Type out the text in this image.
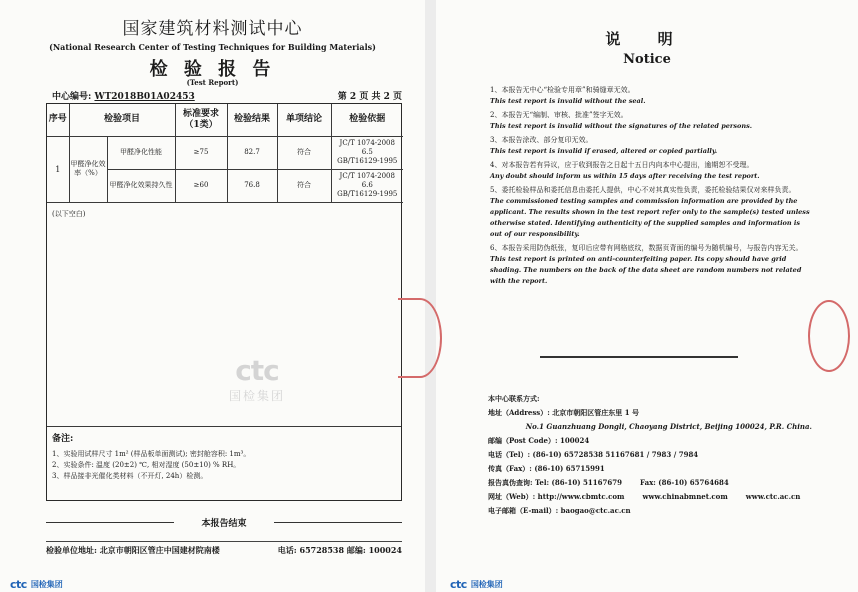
国家建筑材料测试中心
(National Research Center of Testing Techniques for Building Materials)
检 验 报 告
(Test Report)
中心编号: WT2018B01A02453	第 2 页 共 2 页
序号	检验项目		标准要求（1类）	检验结果	单项结论	检验依据
1	甲醛净化效率（%）	甲醛净化性能	≥75	82.7	符合	JC/T 1074-2008
6.5
GB/T16129-1995

		甲醛净化效果持久性	≥60	76.8	符合	JC/T 1074-2008
6.6
GB/T16129-1995
(以下空白)
ctc
国检集团
备注:
1、实验用试样尺寸 1m² (样品板单面测试); 密封舱容积: 1m³。
2、实验条件: 温度 (20±2) ℃, 相对湿度 (50±10) % RH。
3、样品接非光催化类材料（不开灯, 24h）检测。
本报告结束
检验单位地址: 北京市朝阳区管庄中国建材院南楼	电话: 65728538 邮编: 100024
ctc 国检集团
说 明
Notice
1、本报告无中心“检验专用章”和骑缝章无效。
This test report is invalid without the seal.
2、本报告无“编制、审核、批准”签字无效。
This test report is invalid without the signatures of the related persons.
3、本报告涂改、部分复印无效。
This test report is invalid if erased, altered or copied partially.
4、对本报告若有异议，应于收到报告之日起十五日内向本中心提出，逾期恕不受理。
Any doubt should inform us within 15 days after receiving the test report.
5、委托检验样品和委托信息由委托人提供，中心不对其真实性负责，委托检验结果仅对来样负责。
The commissioned testing samples and commission information are provided by the applicant. The results shown in the test report refer only to the sample(s) tested unless otherwise stated. Identifying authenticity of the supplied samples and information is out of our responsibility.
6、本报告采用防伪纸张，复印后应带有网格底纹，数据页背面的编号为随机编号，与报告内容无关。
This test report is printed on anti-counterfeiting paper. Its copy should have grid shading. The numbers on the back of the data sheet are random numbers not related with the report.
ctc 国检集团
本中心联系方式:
地址（Address）: 北京市朝阳区管庄东里 1 号
No.1 Guanzhuang Dongli, Chaoyang District, Beijing 100024, P.R. China.
邮编（Post Code）: 100024
电话（Tel）: (86-10) 65728538 51167681 / 7983 / 7984
传真（Fax）: (86-10) 65715991
报告真伪查询: Tel: (86-10) 51167679	Fax: (86-10) 65764684
网址（Web）: http://www.cbmtc.com	www.chinabmnet.com	www.ctc.ac.cn
电子邮箱（E-mail）: baogao@ctc.ac.cn
